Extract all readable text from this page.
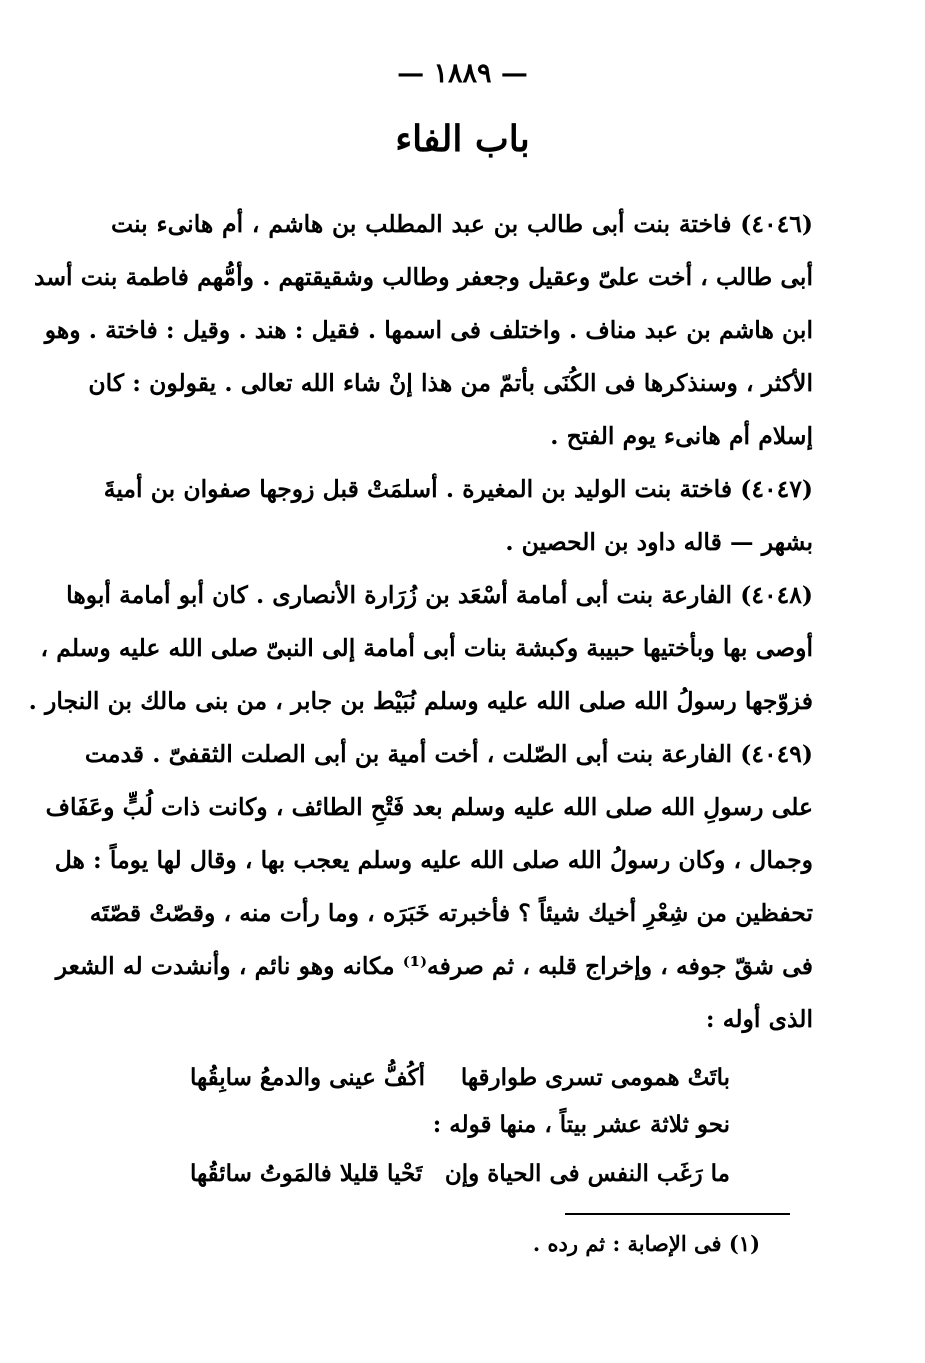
— ١٨٨٩ —
باب الفاء
(٤٠٤٦) فاختة بنت أبى طالب بن عبد المطلب بن هاشم ، أم هانىء بنت
أبى طالب ، أخت علىّ وعقيل وجعفر وطالب وشقيقتهم . وأمُّهم فاطمة بنت أسد
ابن هاشم بن عبد مناف . واختلف فى اسمها . فقيل : هند . وقيل : فاختة . وهو
الأكثر ، وسنذكرها فى الكُنَى بأتمّ من هذا إنْ شاء الله تعالى . يقولون : كان
إسلام أم هانىء يوم الفتح .
(٤٠٤٧) فاختة بنت الوليد بن المغيرة . أسلمَتْ قبل زوجها صفوان بن أميةَ
بشهر — قاله داود بن الحصين .
(٤٠٤٨) الفارعة بنت أبى أمامة أسْعَد بن زُرَارة الأنصارى . كان أبو أمامة أبوها
أوصى بها وبأختيها حبيبة وكبشة بنات أبى أمامة إلى النبىّ صلى الله عليه وسلم ،
فزوّجها رسولُ الله صلى الله عليه وسلم نُبَيْط بن جابر ، من بنى مالك بن النجار .
(٤٠٤٩) الفارعة بنت أبى الصّلت ، أخت أمية بن أبى الصلت الثقفىّ . قدمت
على رسولِ الله صلى الله عليه وسلم بعد فَتْحِ الطائف ، وكانت ذات لُبٍّ وعَفَاف
وجمال ، وكان رسولُ الله صلى الله عليه وسلم يعجب بها ، وقال لها يوماً : هل
تحفظين من شِعْرِ أخيك شيئاً ؟ فأخبرته خَبَرَه ، وما رأت منه ، وقصّتْ قصّتَه
فى شقّ جوفه ، وإخراج قلبه ، ثم صرفه⁽¹⁾ مكانه وهو نائم ، وأنشدت له الشعر
الذى أوله :
باتَتْ همومى تسرى طوارقها
أكُفُّ عينى والدمعُ سابِقُها
نحو ثلاثة عشر بيتاً ، منها قوله :
ما رَغَب النفس فى الحياة وإن
تَحْيا قليلا فالمَوتُ سائقُها
(١) فى الإصابة : ثم رده .
